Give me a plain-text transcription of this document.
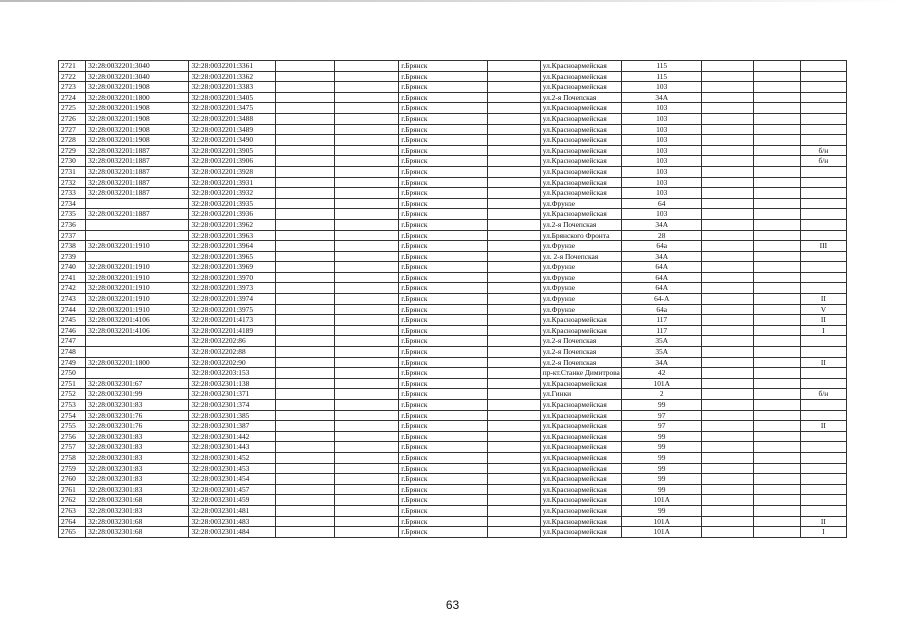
2721	32:28:0032201:3040	32:28:0032201:3361			г.Брянск		ул.Красноармейская	115			
2722	32:28:0032201:3040	32:28:0032201:3362			г.Брянск		ул.Красноармейская	115			
2723	32:28:0032201:1908	32:28:0032201:3383			г.Брянск		ул.Красноармейская	103			
2724	32:28:0032201:1800	32:28:0032201:3405			г.Брянск		ул.2-я Почепская	34А			
2725	32:28:0032201:1908	32:28:0032201:3475			г.Брянск		ул.Красноармейская	103			
2726	32:28:0032201:1908	32:28:0032201:3488			г.Брянск		ул.Красноармейская	103			
2727	32:28:0032201:1908	32:28:0032201:3489			г.Брянск		ул.Красноармейская	103			
2728	32:28:0032201:1908	32:28:0032201:3490			г.Брянск		ул.Красноармейская	103			
2729	32:28:0032201:1887	32:28:0032201:3905			г.Брянск		ул.Красноармейская	103			б/н
2730	32:28:0032201:1887	32:28:0032201:3906			г.Брянск		ул.Красноармейская	103			б/н
2731	32:28:0032201:1887	32:28:0032201:3928			г.Брянск		ул.Красноармейская	103			
2732	32:28:0032201:1887	32:28:0032201:3931			г.Брянск		ул.Красноармейская	103			
2733	32:28:0032201:1887	32:28:0032201:3932			г.Брянск		ул.Красноармейская	103			
2734		32:28:0032201:3935			г.Брянск		ул.Фрунзе	64			
2735	32:28:0032201:1887	32:28:0032201:3936			г.Брянск		ул.Красноармейская	103			
2736		32:28:0032201:3962			г.Брянск		ул.2-я Почепская	34А			
2737		32:28:0032201:3963			г.Брянск		ул.Брянского Фронта	28			
2738	32:28:0032201:1910	32:28:0032201:3964			г.Брянск		ул.Фрунзе	64а			III
2739		32:28:0032201:3965			г.Брянск		ул. 2-я Почепская	34А			
2740	32:28:0032201:1910	32:28:0032201:3969			г.Брянск		ул.Фрунзе	64А			
2741	32:28:0032201:1910	32:28:0032201:3970			г.Брянск		ул.Фрунзе	64А			
2742	32:28:0032201:1910	32:28:0032201:3973			г.Брянск		ул.Фрунзе	64А			
2743	32:28:0032201:1910	32:28:0032201:3974			г.Брянск		ул.Фрунзе	64-А			II
2744	32:28:0032201:1910	32:28:0032201:3975			г.Брянск		ул.Фрунзе	64а			V
2745	32:28:0032201:4106	32:28:0032201:4173			г.Брянск		ул.Красноармейская	117			II
2746	32:28:0032201:4106	32:28:0032201:4189			г.Брянск		ул.Красноармейская	117			I
2747		32:28:0032202:86			г.Брянск		ул.2-я Почепская	35А			
2748		32:28:0032202:88			г.Брянск		ул.2-я Почепская	35А			
2749	32:28:0032201:1800	32:28:0032202:90			г.Брянск		ул.2-я Почепская	34А			II
2750		32:28:0032203:153			г.Брянск		пр-кт.Станке Димитрова	42			
2751	32:28:0032301:67	32:28:0032301:138			г.Брянск		ул.Красноармейская	101А			
2752	32:28:0032301:99	32:28:0032301:371			г.Брянск		ул.Гинки	2			б/н
2753	32:28:0032301:83	32:28:0032301:374			г.Брянск		ул.Красноармейская	99			
2754	32:28:0032301:76	32:28:0032301:385			г.Брянск		ул.Красноармейская	97			
2755	32:28:0032301:76	32:28:0032301:387			г.Брянск		ул.Красноармейская	97			II
2756	32:28:0032301:83	32:28:0032301:442			г.Брянск		ул.Красноармейская	99			
2757	32:28:0032301:83	32:28:0032301:443			г.Брянск		ул.Красноармейская	99			
2758	32:28:0032301:83	32:28:0032301:452			г.Брянск		ул.Красноармейская	99			
2759	32:28:0032301:83	32:28:0032301:453			г.Брянск		ул.Красноармейская	99			
2760	32:28:0032301:83	32:28:0032301:454			г.Брянск		ул.Красноармейская	99			
2761	32:28:0032301:83	32:28:0032301:457			г.Брянск		ул.Красноармейская	99			
2762	32:28:0032301:68	32:28:0032301:459			г.Брянск		ул.Красноармейская	101А			
2763	32:28:0032301:83	32:28:0032301:481			г.Брянск		ул.Красноармейская	99			
2764	32:28:0032301:68	32:28:0032301:483			г.Брянск		ул.Красноармейская	101А			II
2765	32:28:0032301:68	32:28:0032301:484			г.Брянск		ул.Красноармейская	101А			I
63
